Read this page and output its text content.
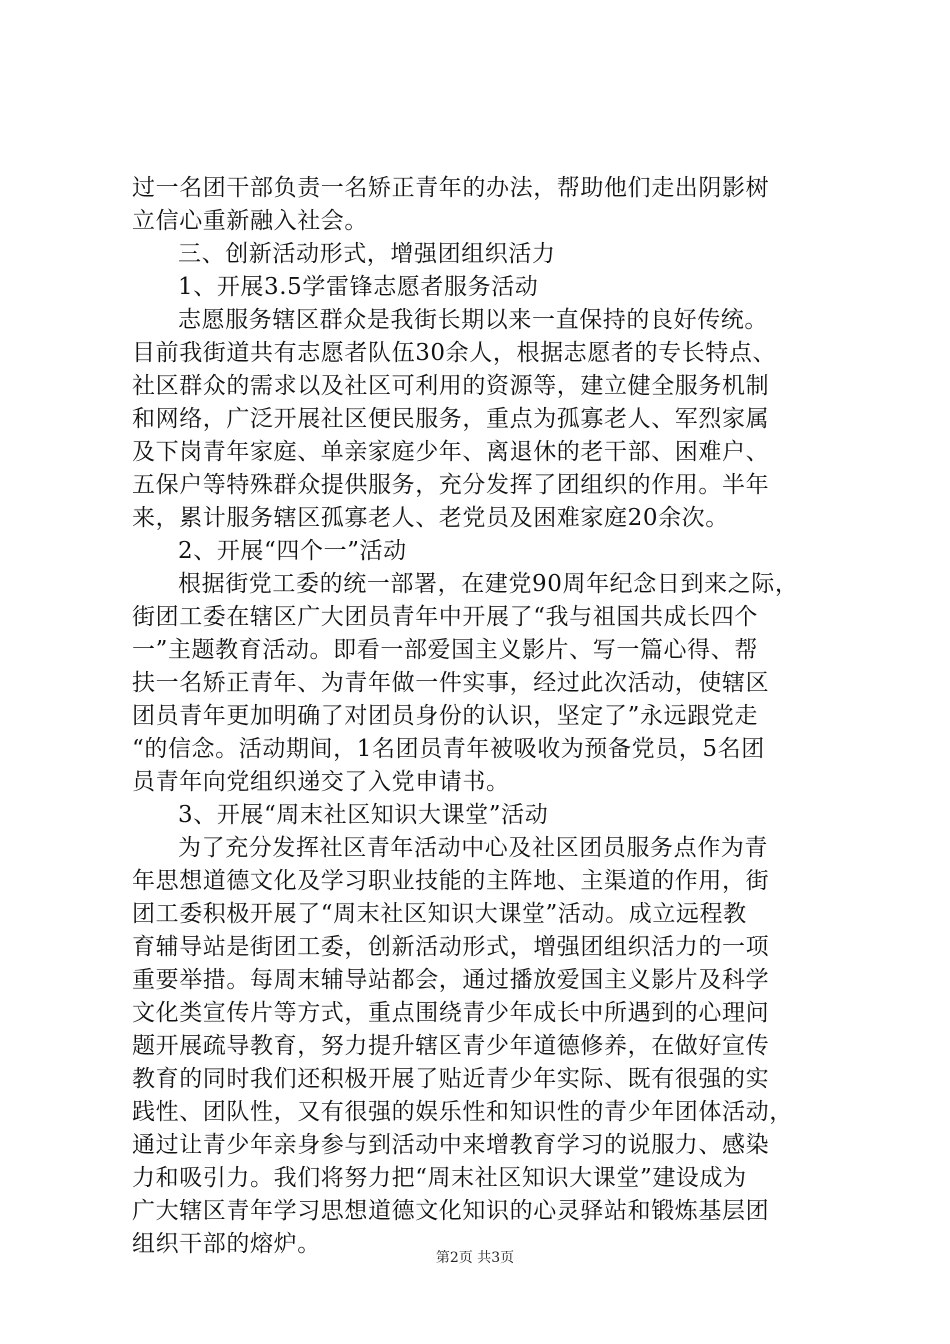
过一名团干部负责一名矫正青年的办法，帮助他们走出阴影树
立信心重新融入社会。
三、创新活动形式，增强团组织活力
1、开展3.5学雷锋志愿者服务活动
志愿服务辖区群众是我街长期以来一直保持的良好传统。
目前我街道共有志愿者队伍30余人，根据志愿者的专长特点、
社区群众的需求以及社区可利用的资源等，建立健全服务机制
和网络，广泛开展社区便民服务，重点为孤寡老人、军烈家属
及下岗青年家庭、单亲家庭少年、离退休的老干部、困难户、
五保户等特殊群众提供服务，充分发挥了团组织的作用。半年
来，累计服务辖区孤寡老人、老党员及困难家庭20余次。
2、开展“四个一”活动
根据街党工委的统一部署，在建党90周年纪念日到来之际，
街团工委在辖区广大团员青年中开展了“我与祖国共成长四个
一”主题教育活动。即看一部爱国主义影片、写一篇心得、帮
扶一名矫正青年、为青年做一件实事，经过此次活动，使辖区
团员青年更加明确了对团员身份的认识，坚定了”永远跟党走
“的信念。活动期间，1名团员青年被吸收为预备党员，5名团
员青年向党组织递交了入党申请书。
3、开展“周末社区知识大课堂”活动
为了充分发挥社区青年活动中心及社区团员服务点作为青
年思想道德文化及学习职业技能的主阵地、主渠道的作用，街
团工委积极开展了“周末社区知识大课堂”活动。成立远程教
育辅导站是街团工委，创新活动形式，增强团组织活力的一项
重要举措。每周末辅导站都会，通过播放爱国主义影片及科学
文化类宣传片等方式，重点围绕青少年成长中所遇到的心理问
题开展疏导教育，努力提升辖区青少年道德修养，在做好宣传
教育的同时我们还积极开展了贴近青少年实际、既有很强的实
践性、团队性，又有很强的娱乐性和知识性的青少年团体活动，
通过让青少年亲身参与到活动中来增教育学习的说服力、感染
力和吸引力。我们将努力把“周末社区知识大课堂”建设成为
广大辖区青年学习思想道德文化知识的心灵驿站和锻炼基层团
组织干部的熔炉。
第2页 共3页
